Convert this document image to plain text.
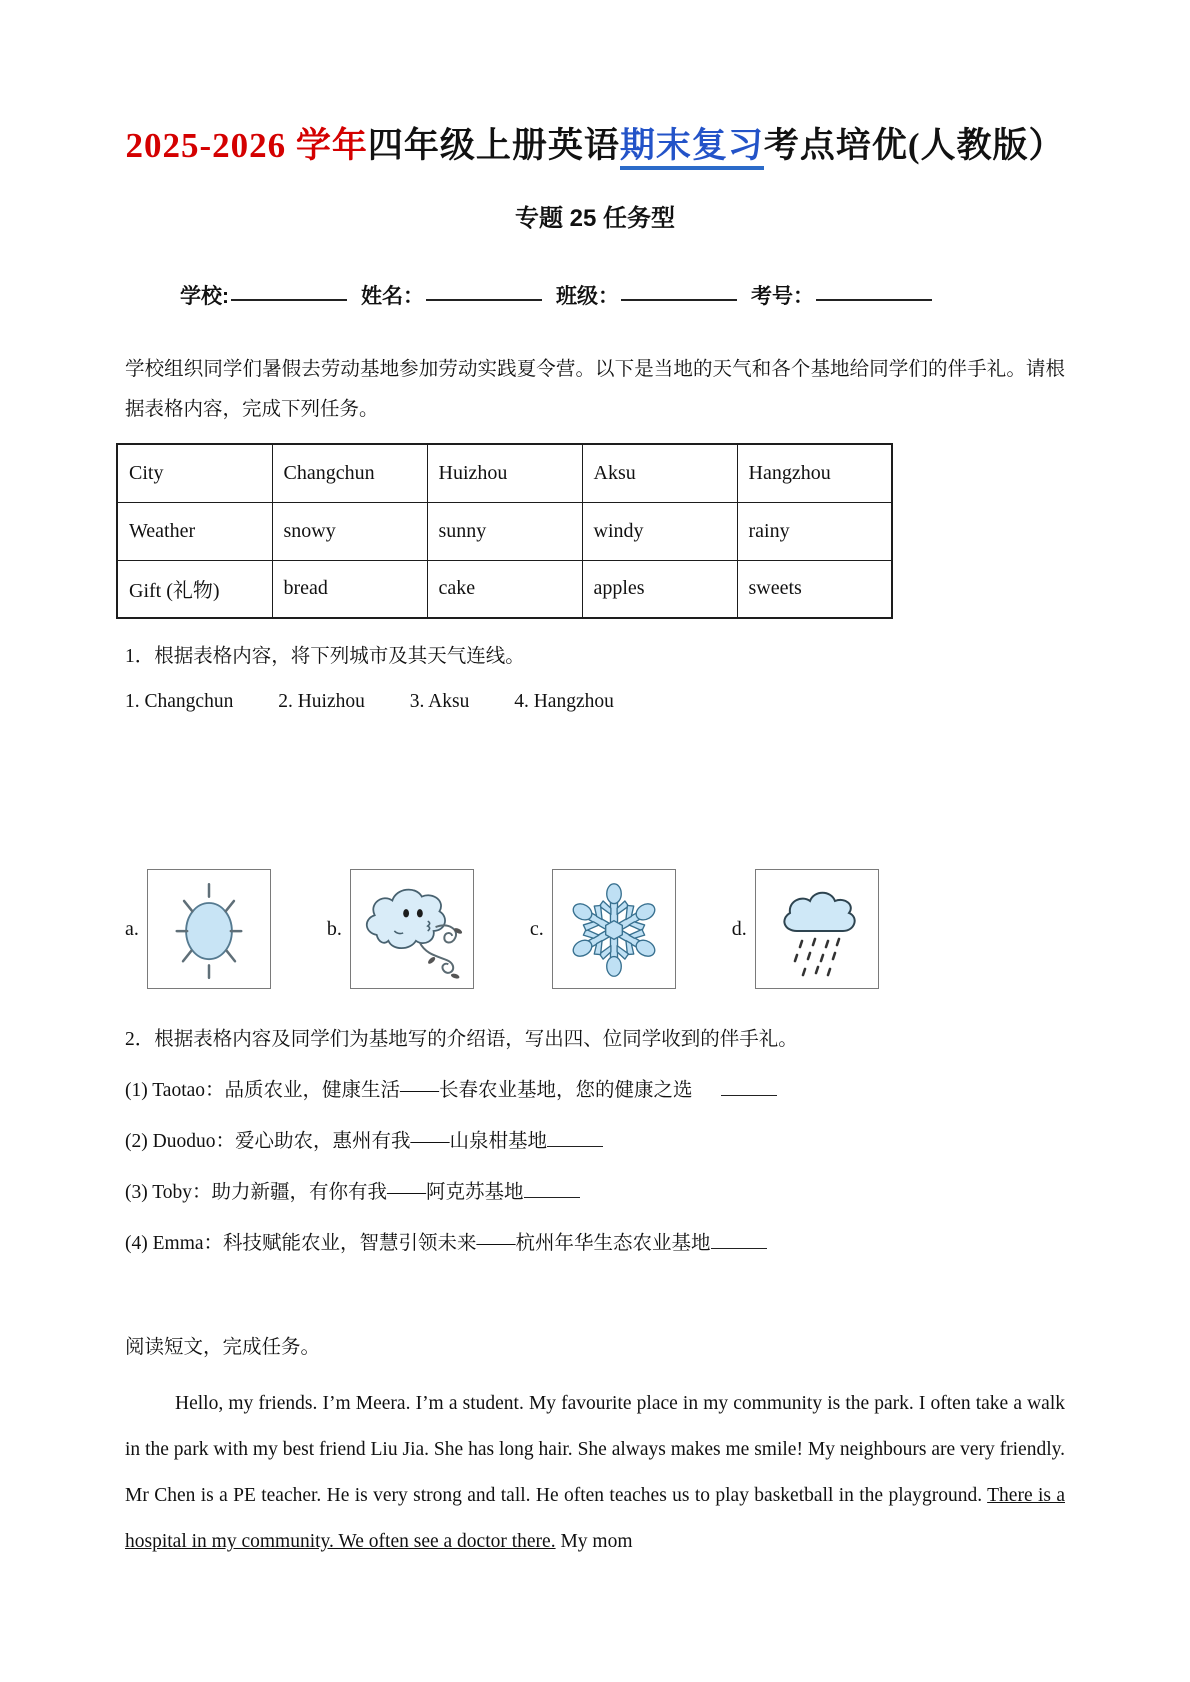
2025-2026 学年四年级上册英语期末复习考点培优(人教版）
专题 25 任务型
学校:	姓名：	班级：	考号：

学校组织同学们暑假去劳动基地参加劳动实践夏令营。以下是当地的天气和各个基地给同学们的伴手礼。请根据表格内容，完成下列任务。

City	Changchun	Huizhou	Aksu	Hangzhou
Weather	snowy	sunny	windy	rainy
Gift (礼物)	bread	cake	apples	sweets

1．根据表格内容，将下列城市及其天气连线。

1. Changchun 2. Huizhou 3. Aksu 4. Hangzhou
a.	b.	c.	d.

2．根据表格内容及同学们为基地写的介绍语，写出四、位同学收到的伴手礼。

(1) Taotao：品质农业，健康生活——长春农业基地，您的健康之选
(2) Duoduo：爱心助农，惠州有我——山泉柑基地
(3) Toby：助力新疆，有你有我——阿克苏基地
(4) Emma：科技赋能农业，智慧引领未来——杭州年华生态农业基地

阅读短文，完成任务。

Hello, my friends. I’m Meera. I’m a student. My favourite place in my community is the park. I often take a walk in the park with my best friend Liu Jia. She has long hair. She always makes me smile! My neighbours are very friendly. Mr Chen is a PE teacher. He is very strong and tall. He often teaches us to play basketball in the playground. There is a hospital in my community. We often see a doctor there. My mom
